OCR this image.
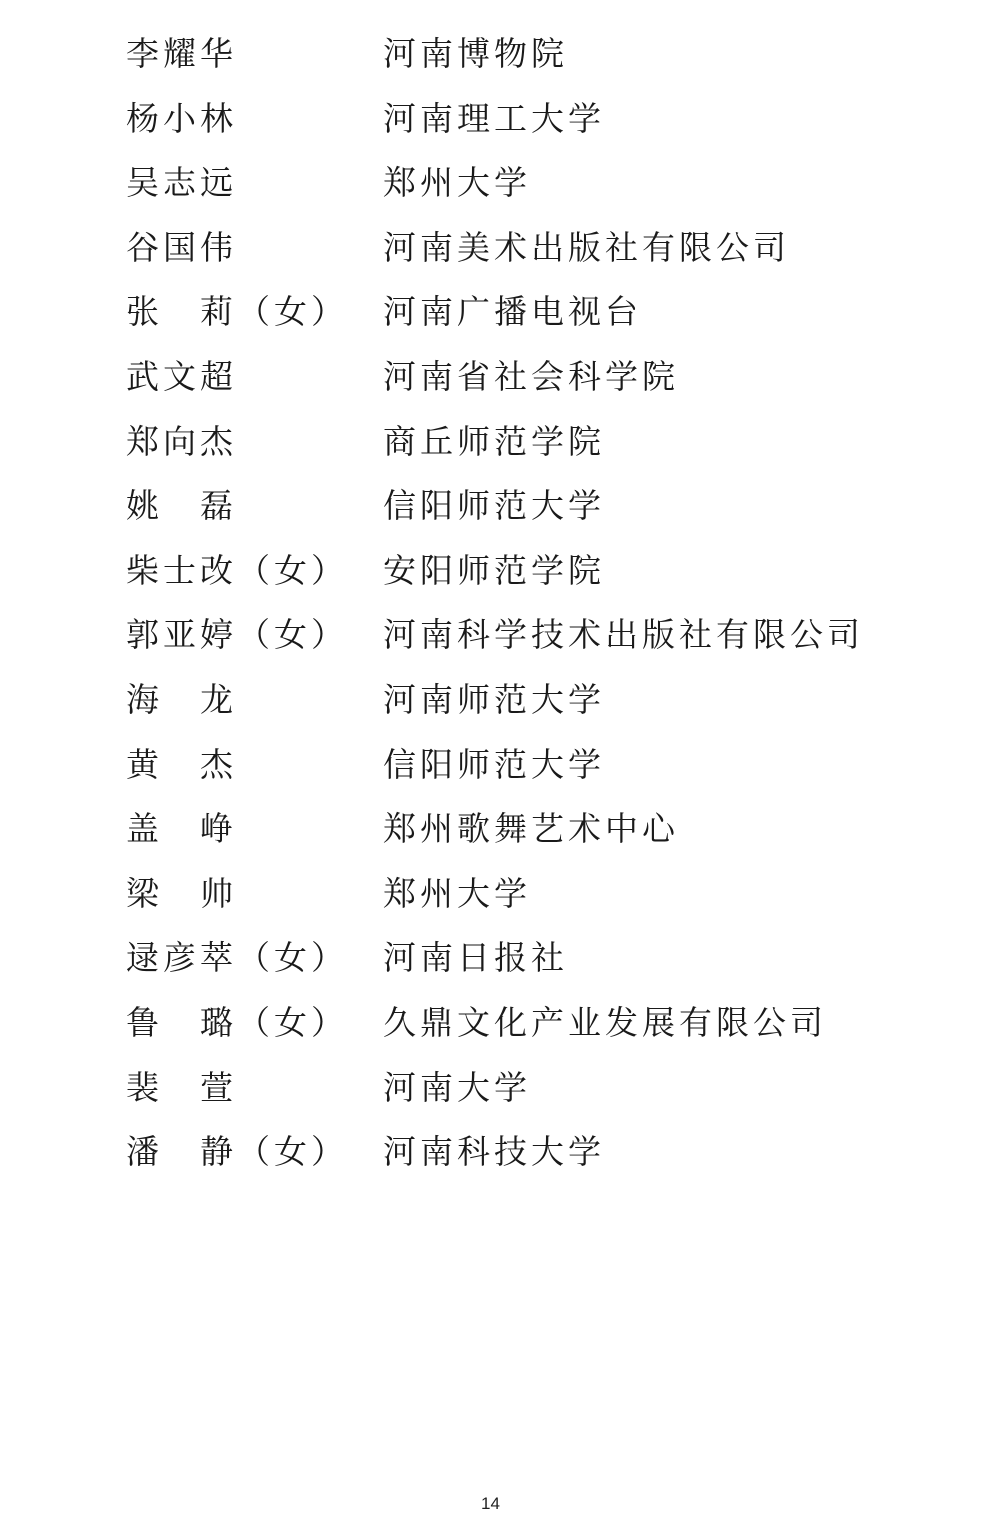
李耀华	河南博物院
杨小林	河南理工大学
吴志远	郑州大学
谷国伟	河南美术出版社有限公司
张　莉（女）	河南广播电视台
武文超	河南省社会科学院
郑向杰	商丘师范学院
姚　磊	信阳师范大学
柴士改（女）	安阳师范学院
郭亚婷（女）	河南科学技术出版社有限公司
海　龙	河南师范大学
黄　杰	信阳师范大学
盖　峥	郑州歌舞艺术中心
梁　帅	郑州大学
逯彦萃（女）	河南日报社
鲁　璐（女）	久鼎文化产业发展有限公司
裴　萱	河南大学
潘　静（女）	河南科技大学
14
